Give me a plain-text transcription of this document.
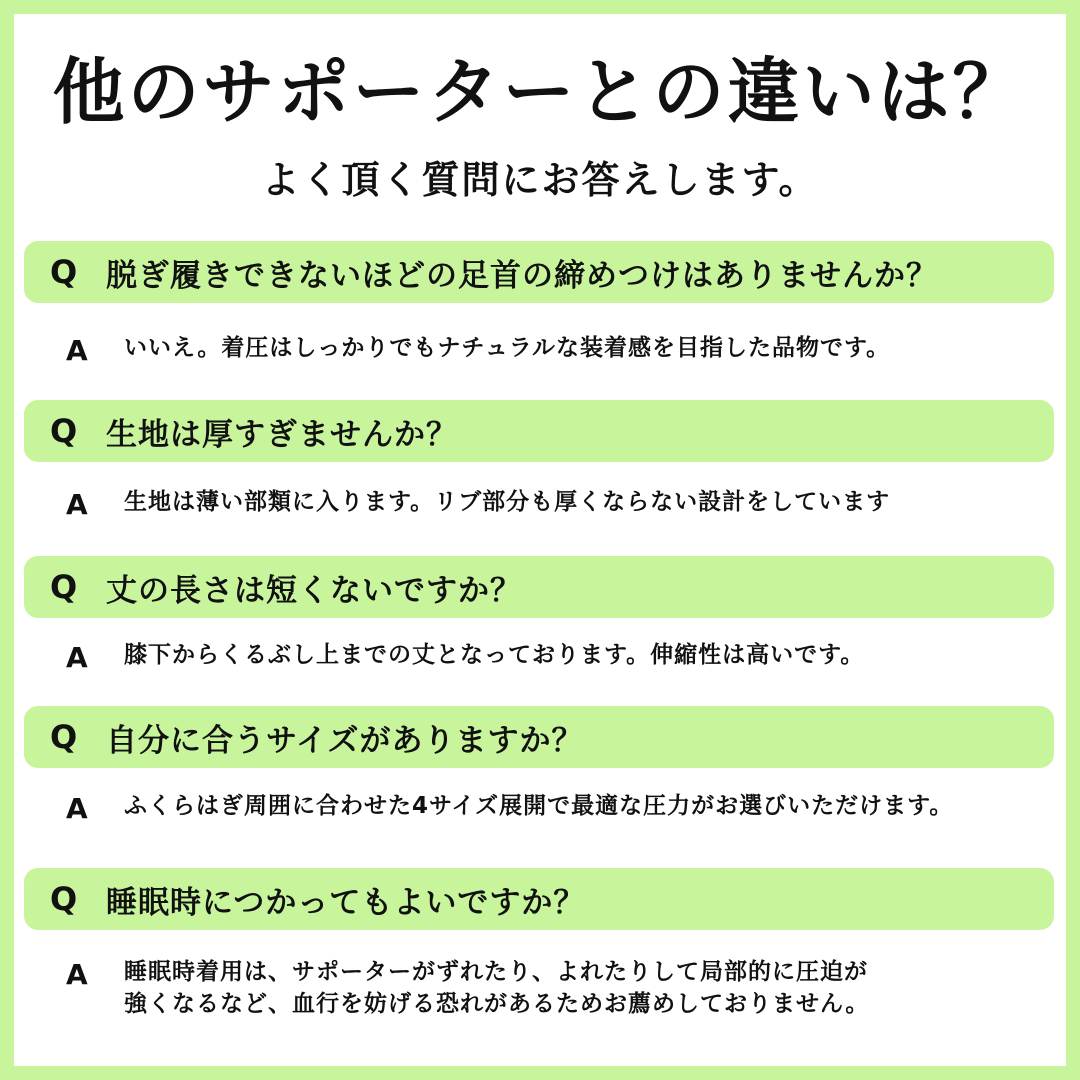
他のサポーターとの違いは？
よく頂く質問にお答えします。
Q 脱ぎ履きできないほどの足首の締めつけはありませんか？
A いいえ。着圧はしっかりでもナチュラルな装着感を目指した品物です。
Q 生地は厚すぎませんか？
A 生地は薄い部類に入ります。リブ部分も厚くならない設計をしています
Q 丈の長さは短くないですか？
A 膝下からくるぶし上までの丈となっております。伸縮性は高いです。
Q 自分に合うサイズがありますか？
A ふくらはぎ周囲に合わせた4サイズ展開で最適な圧力がお選びいただけます。
Q 睡眠時につかってもよいですか？
A 睡眠時着用は、サポーターがずれたり、よれたりして局部的に圧迫が
強くなるなど、血行を妨げる恐れがあるためお薦めしておりません。
